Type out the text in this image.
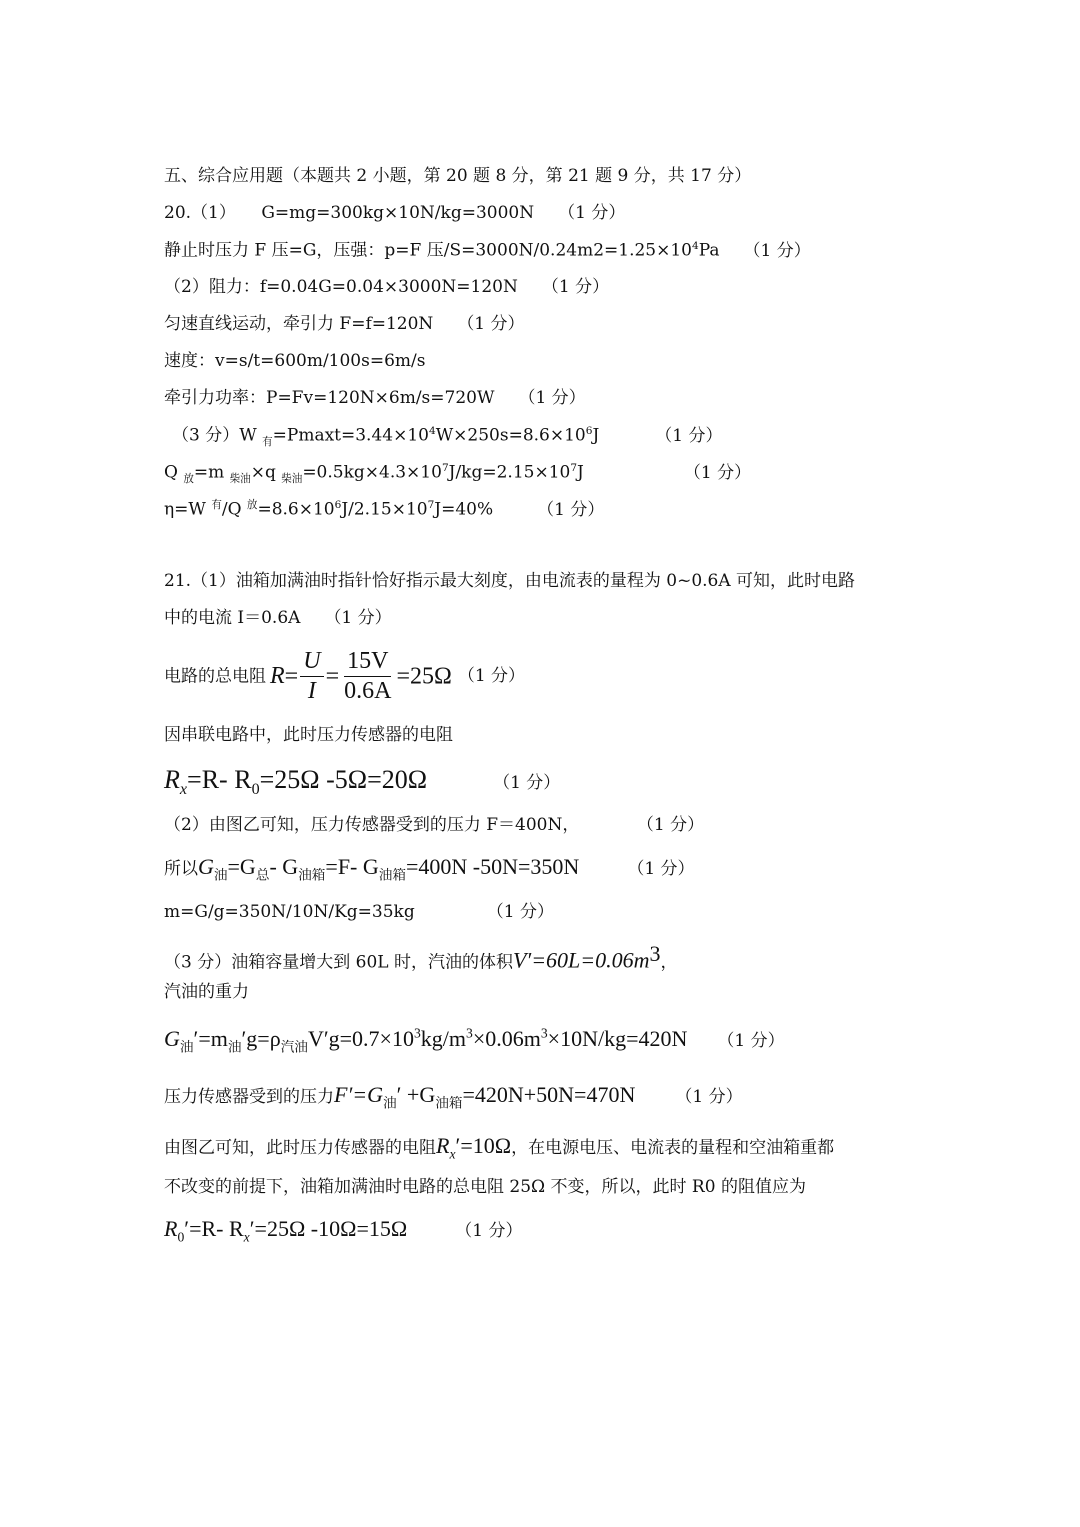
五、综合应用题（本题共 2 小题，第 20 题 8 分，第 21 题 9 分，共 17 分）
20.（1）　　G=mg=300kg×10N/kg=3000N （1 分）
静止时压力 F 压=G，压强：p=F 压$/S=3000N/0.24m2=1.25\times 10^4Pa$ （1 分）
（2）阻力：f=0.04G=0.04×3000N=120N （1 分）
匀速直线运动，牵引力 F=f=120N （1 分）
速度：v=s/t=600m/100s=6m/s
牵引力功率：P=Fv=120N×6m/s=720W （1 分）
（3 分）W $_有=Pmaxt=3.44\times 10^4W\times 250s=8.6\times 10^6J$	（1 分）
Q $_放$=m $_{柴油}$×q $_{柴油}=0.5kg\times 4.3\times 10^7J/kg=2.15\times 10^7J$	（1 分）
η=W $^有$/Q $^放=8.6\times 10^6J/2.15\times 10^7J=40\%$	（1 分）
21.（1）油箱加满油时指针恰好指示最大刻度，由电流表的量程为 0~0.6A 可知，此时电路
中的电流 I＝0.6A （1 分）
电路的总电阻 $R= \frac{U}{I} = \frac{15V}{0.6A} =25\Omega$ （1 分）
因串联电路中，此时压力传感器的电阻
$R_x=R-$ $R_0=25\Omega$ -5Ω=20Ω	（1 分）
（2）由图乙可知，压力传感器受到的压力 F＝400N，	（1 分）
所以$G_油=G_总-$ $G_{油箱}=F-$ $G_{油箱}=400N$ -50N=350N	（1 分）
m=G/g=350N/10N/Kg=35kg	（1 分）
（3 分）油箱容量增大到 60L 时，汽油的体积$V'=60L=0.06m^3$，
汽油的重力
$G_油'=m_油'g=\rho_{汽油}V'g=0.7\times 10^3kg/m^3\times 0.06m^3\times 10N/kg=420N$ （1 分）
压力传感器受到的压力$F'=G_油' +G_{油箱}=420N+50N=470N$ （1 分）
由图乙可知，此时压力传感器的电阻$R_x'=10\Omega$，在电源电压、电流表的量程和空油箱重都
不改变的前提下，油箱加满油时电路的总电阻 25Ω 不变，所以，此时 R0 的阻值应为
$R_0'=R-$ $R_x'=25\Omega$ -10Ω=15Ω	（1 分）
